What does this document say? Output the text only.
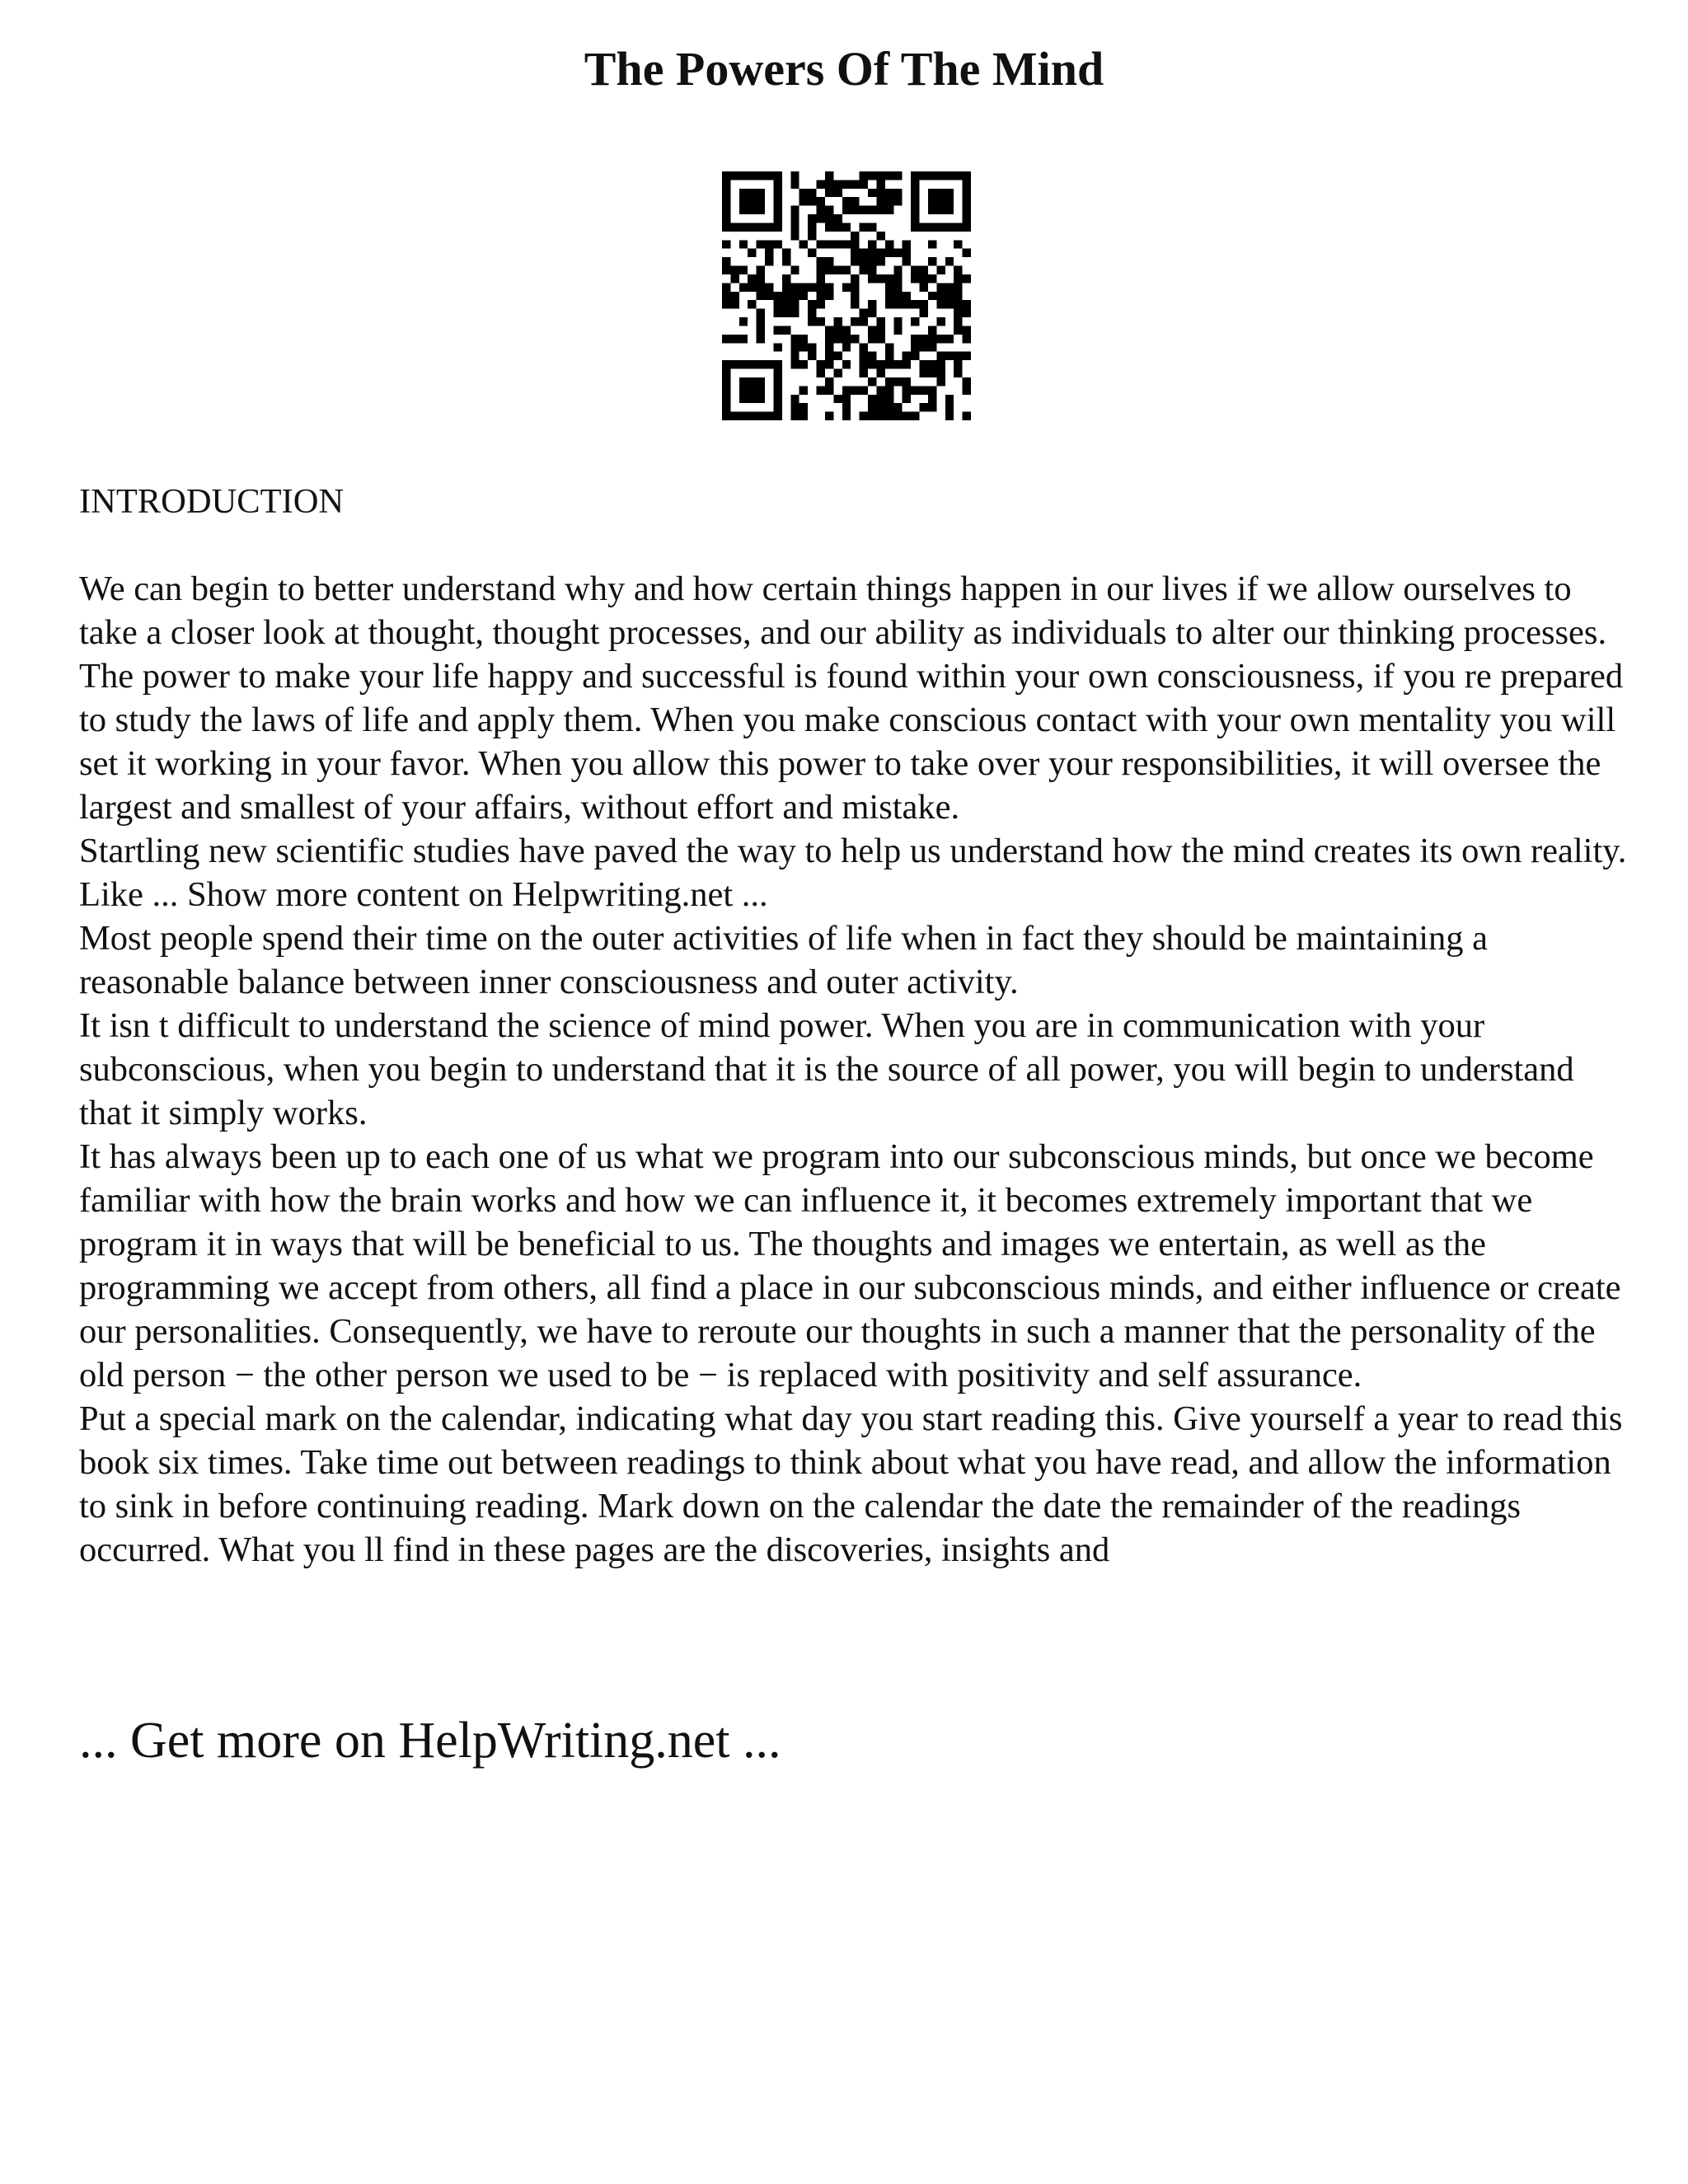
The Powers Of The Mind

INTRODUCTION

We can begin to better understand why and how certain things happen in our lives if we allow ourselves to take a closer look at thought, thought processes, and our ability as individuals to alter our thinking processes. The power to make your life happy and successful is found within your own consciousness, if you re prepared to study the laws of life and apply them. When you make conscious contact with your own mentality you will set it working in your favor. When you allow this power to take over your responsibilities, it will oversee the largest and smallest of your affairs, without effort and mistake.

Startling new scientific studies have paved the way to help us understand how the mind creates its own reality. Like ... Show more content on Helpwriting.net ...

Most people spend their time on the outer activities of life when in fact they should be maintaining a reasonable balance between inner consciousness and outer activity.

It isn t difficult to understand the science of mind power. When you are in communication with your subconscious, when you begin to understand that it is the source of all power, you will begin to understand that it simply works.

It has always been up to each one of us what we program into our subconscious minds, but once we become familiar with how the brain works and how we can influence it, it becomes extremely important that we program it in ways that will be beneficial to us. The thoughts and images we entertain, as well as the programming we accept from others, all find a place in our subconscious minds, and either influence or create our personalities. Consequently, we have to reroute our thoughts in such a manner that the personality of the old person − the other person we used to be − is replaced with positivity and self assurance.

Put a special mark on the calendar, indicating what day you start reading this. Give yourself a year to read this book six times. Take time out between readings to think about what you have read, and allow the information to sink in before continuing reading. Mark down on the calendar the date the remainder of the readings occurred. What you ll find in these pages are the discoveries, insights and

... Get more on HelpWriting.net ...
